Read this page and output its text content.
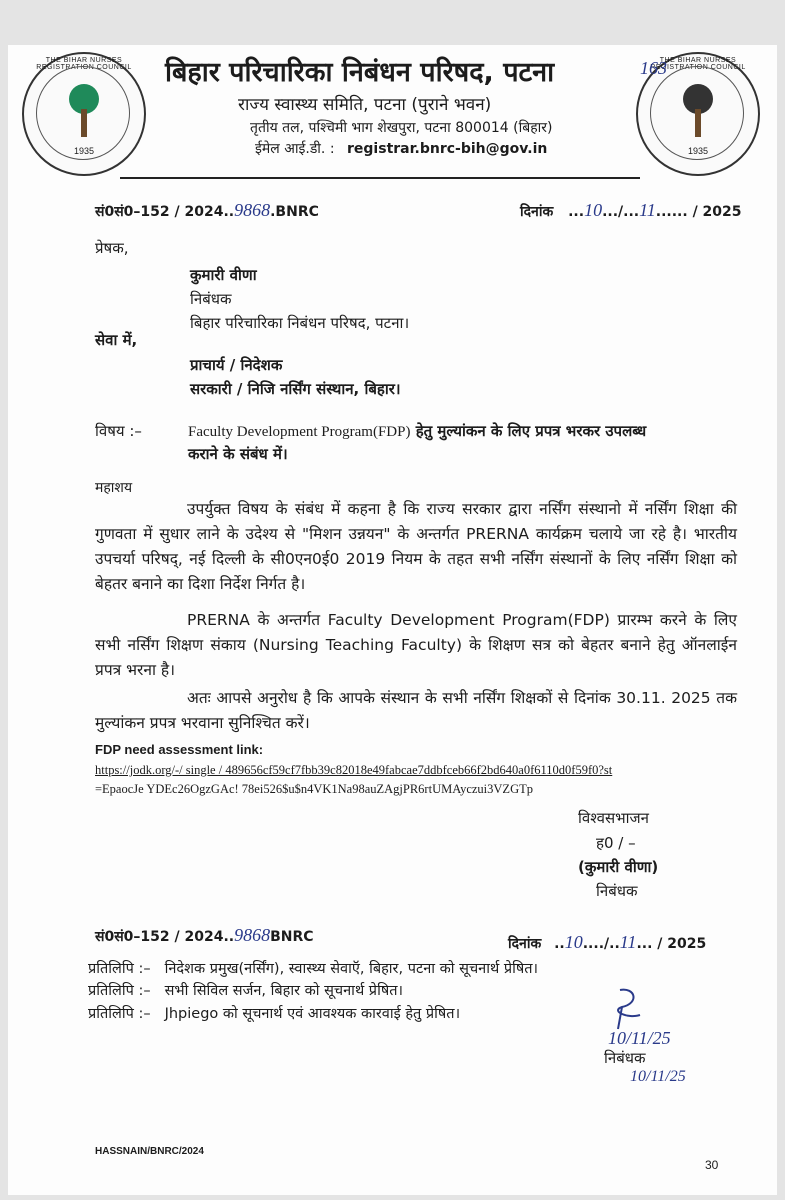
THE BIHAR NURSES REGISTRATION COUNCIL
1935
THE BIHAR NURSES REGISTRATION COUNCIL
1935
बिहार परिचारिका निबंधन परिषद, पटना	163
राज्य स्वास्थ्य समिति, पटना (पुराने भवन)
तृतीय तल, पश्चिमी भाग शेखपुरा, पटना 800014 (बिहार)
ईमेल आई.डी. : registrar.bnrc-bih@gov.in
सं0सं0–152 / 2024..9868.BNRC	दिनांक ...10.../...11...... / 2025
प्रेषक,
कुमारी वीणा
निबंधक
बिहार परिचारिका निबंधन परिषद, पटना।
सेवा में,
प्राचार्य / निदेशक
सरकारी / निजि नर्सिंग संस्थान, बिहार।
विषय :–	Faculty Development Program(FDP) हेतु मुल्यांकन के लिए प्रपत्र भरकर उपलब्ध
कराने के संबंध में।
महाशय
उपर्युक्त विषय के संबंध में कहना है कि राज्य सरकार द्वारा नर्सिंग संस्थानो में नर्सिंग शिक्षा की गुणवता में सुधार लाने के उदेश्य से "मिशन उन्नयन" के अन्तर्गत PRERNA कार्यक्रम चलाये जा रहे है। भारतीय उपचर्या परिषद्, नई दिल्ली के सी0एन0ई0 2019 नियम के तहत सभी नर्सिंग संस्थानों के लिए नर्सिंग शिक्षा को बेहतर बनाने का दिशा निर्देश निर्गत है।
PRERNA के अन्तर्गत Faculty Development Program(FDP) प्रारम्भ करने के लिए सभी नर्सिंग शिक्षण संकाय (Nursing Teaching Faculty) के शिक्षण सत्र को बेहतर बनाने हेतु ऑनलाईन प्रपत्र भरना है।
अतः आपसे अनुरोध है कि आपके संस्थान के सभी नर्सिंग शिक्षकों से दिनांक 30.11. 2025 तक मुल्यांकन प्रपत्र भरवाना सुनिश्चित करें।
FDP need assessment link:
https://jodk.org/-/ single / 489656cf59cf7fbb39c82018e49fabcae7ddbfceb66f2bd640a0f6110d0f59f0?st
=EpaocJe YDEc26OgzGAc! 78ei526$u$n4VK1Na98auZAgjPR6rtUMAyczui3VZGTp
विश्वसभाजन
ह0 / –
(कुमारी वीणा)
निबंधक
सं0सं0–152 / 2024..9868BNRC	दिनांक ..10..../..11... / 2025
प्रतिलिपि :– निदेशक प्रमुख(नर्सिंग), स्वास्थ्य सेवाऍ, बिहार, पटना को सूचनार्थ प्रेषित।
प्रतिलिपि :– सभी सिविल सर्जन, बिहार को सूचनार्थ प्रेषित।
प्रतिलिपि :– Jhpiego को सूचनार्थ एवं आवश्यक कारवाई हेतु प्रेषित।
10/11/25
निबंधक
10/11/25
HASSNAIN/BNRC/2024
30
